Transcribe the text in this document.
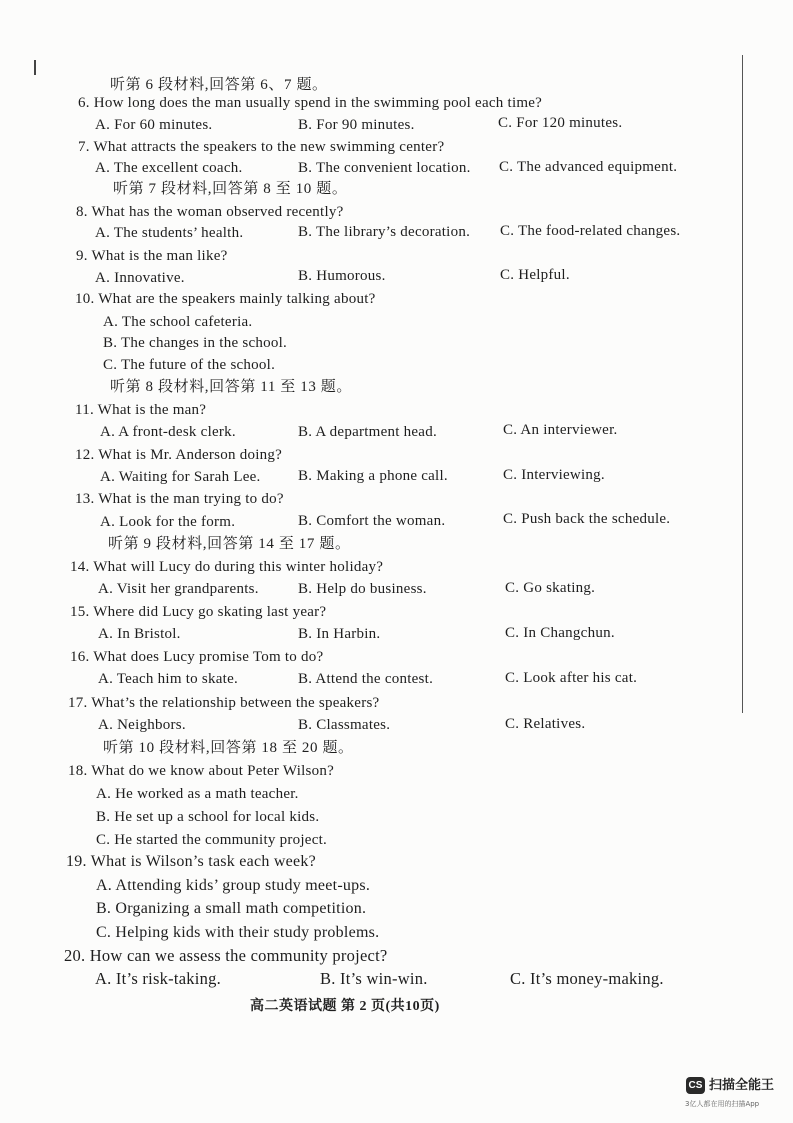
听第 6 段材料,回答第 6、7 题。
6. How long does the man usually spend in the swimming pool each time?
A. For 60 minutes.	B. For 90 minutes.	C. For 120 minutes.
7. What attracts the speakers to the new swimming center?
A. The excellent coach.	B. The convenient location. C. The advanced equipment.
听第 7 段材料,回答第 8 至 10 题。
8. What has the woman observed recently?
A. The students’ health.	B. The library’s decoration. C. The food-related changes.
9. What is the man like?
A. Innovative.	B. Humorous.	C. Helpful.
10. What are the speakers mainly talking about?
A. The school cafeteria.
B. The changes in the school.
C. The future of the school.
听第 8 段材料,回答第 11 至 13 题。
11. What is the man?
A. A front-desk clerk.	B. A department head.	C. An interviewer.
12. What is Mr. Anderson doing?
A. Waiting for Sarah Lee. B. Making a phone call.	C. Interviewing.
13. What is the man trying to do?
A. Look for the form.	B. Comfort the woman.	C. Push back the schedule.
听第 9 段材料,回答第 14 至 17 题。
14. What will Lucy do during this winter holiday?
A. Visit her grandparents.	B. Help do business.	C. Go skating.
15. Where did Lucy go skating last year?
A. In Bristol.	B. In Harbin.	C. In Changchun.
16. What does Lucy promise Tom to do?
A. Teach him to skate.	B. Attend the contest.	C. Look after his cat.
17. What’s the relationship between the speakers?
A. Neighbors.	B. Classmates.	C. Relatives.
听第 10 段材料,回答第 18 至 20 题。
18. What do we know about Peter Wilson?
A. He worked as a math teacher.
B. He set up a school for local kids.
C. He started the community project.
19. What is Wilson’s task each week?
A. Attending kids’ group study meet-ups.
B. Organizing a small math competition.
C. Helping kids with their study problems.
20. How can we assess the community project?
A. It’s risk-taking.	B. It’s win-win.	C. It’s money-making.
高二英语试题 第 2 页(共10页)
CS 扫描全能王
3亿人都在用的扫描App
